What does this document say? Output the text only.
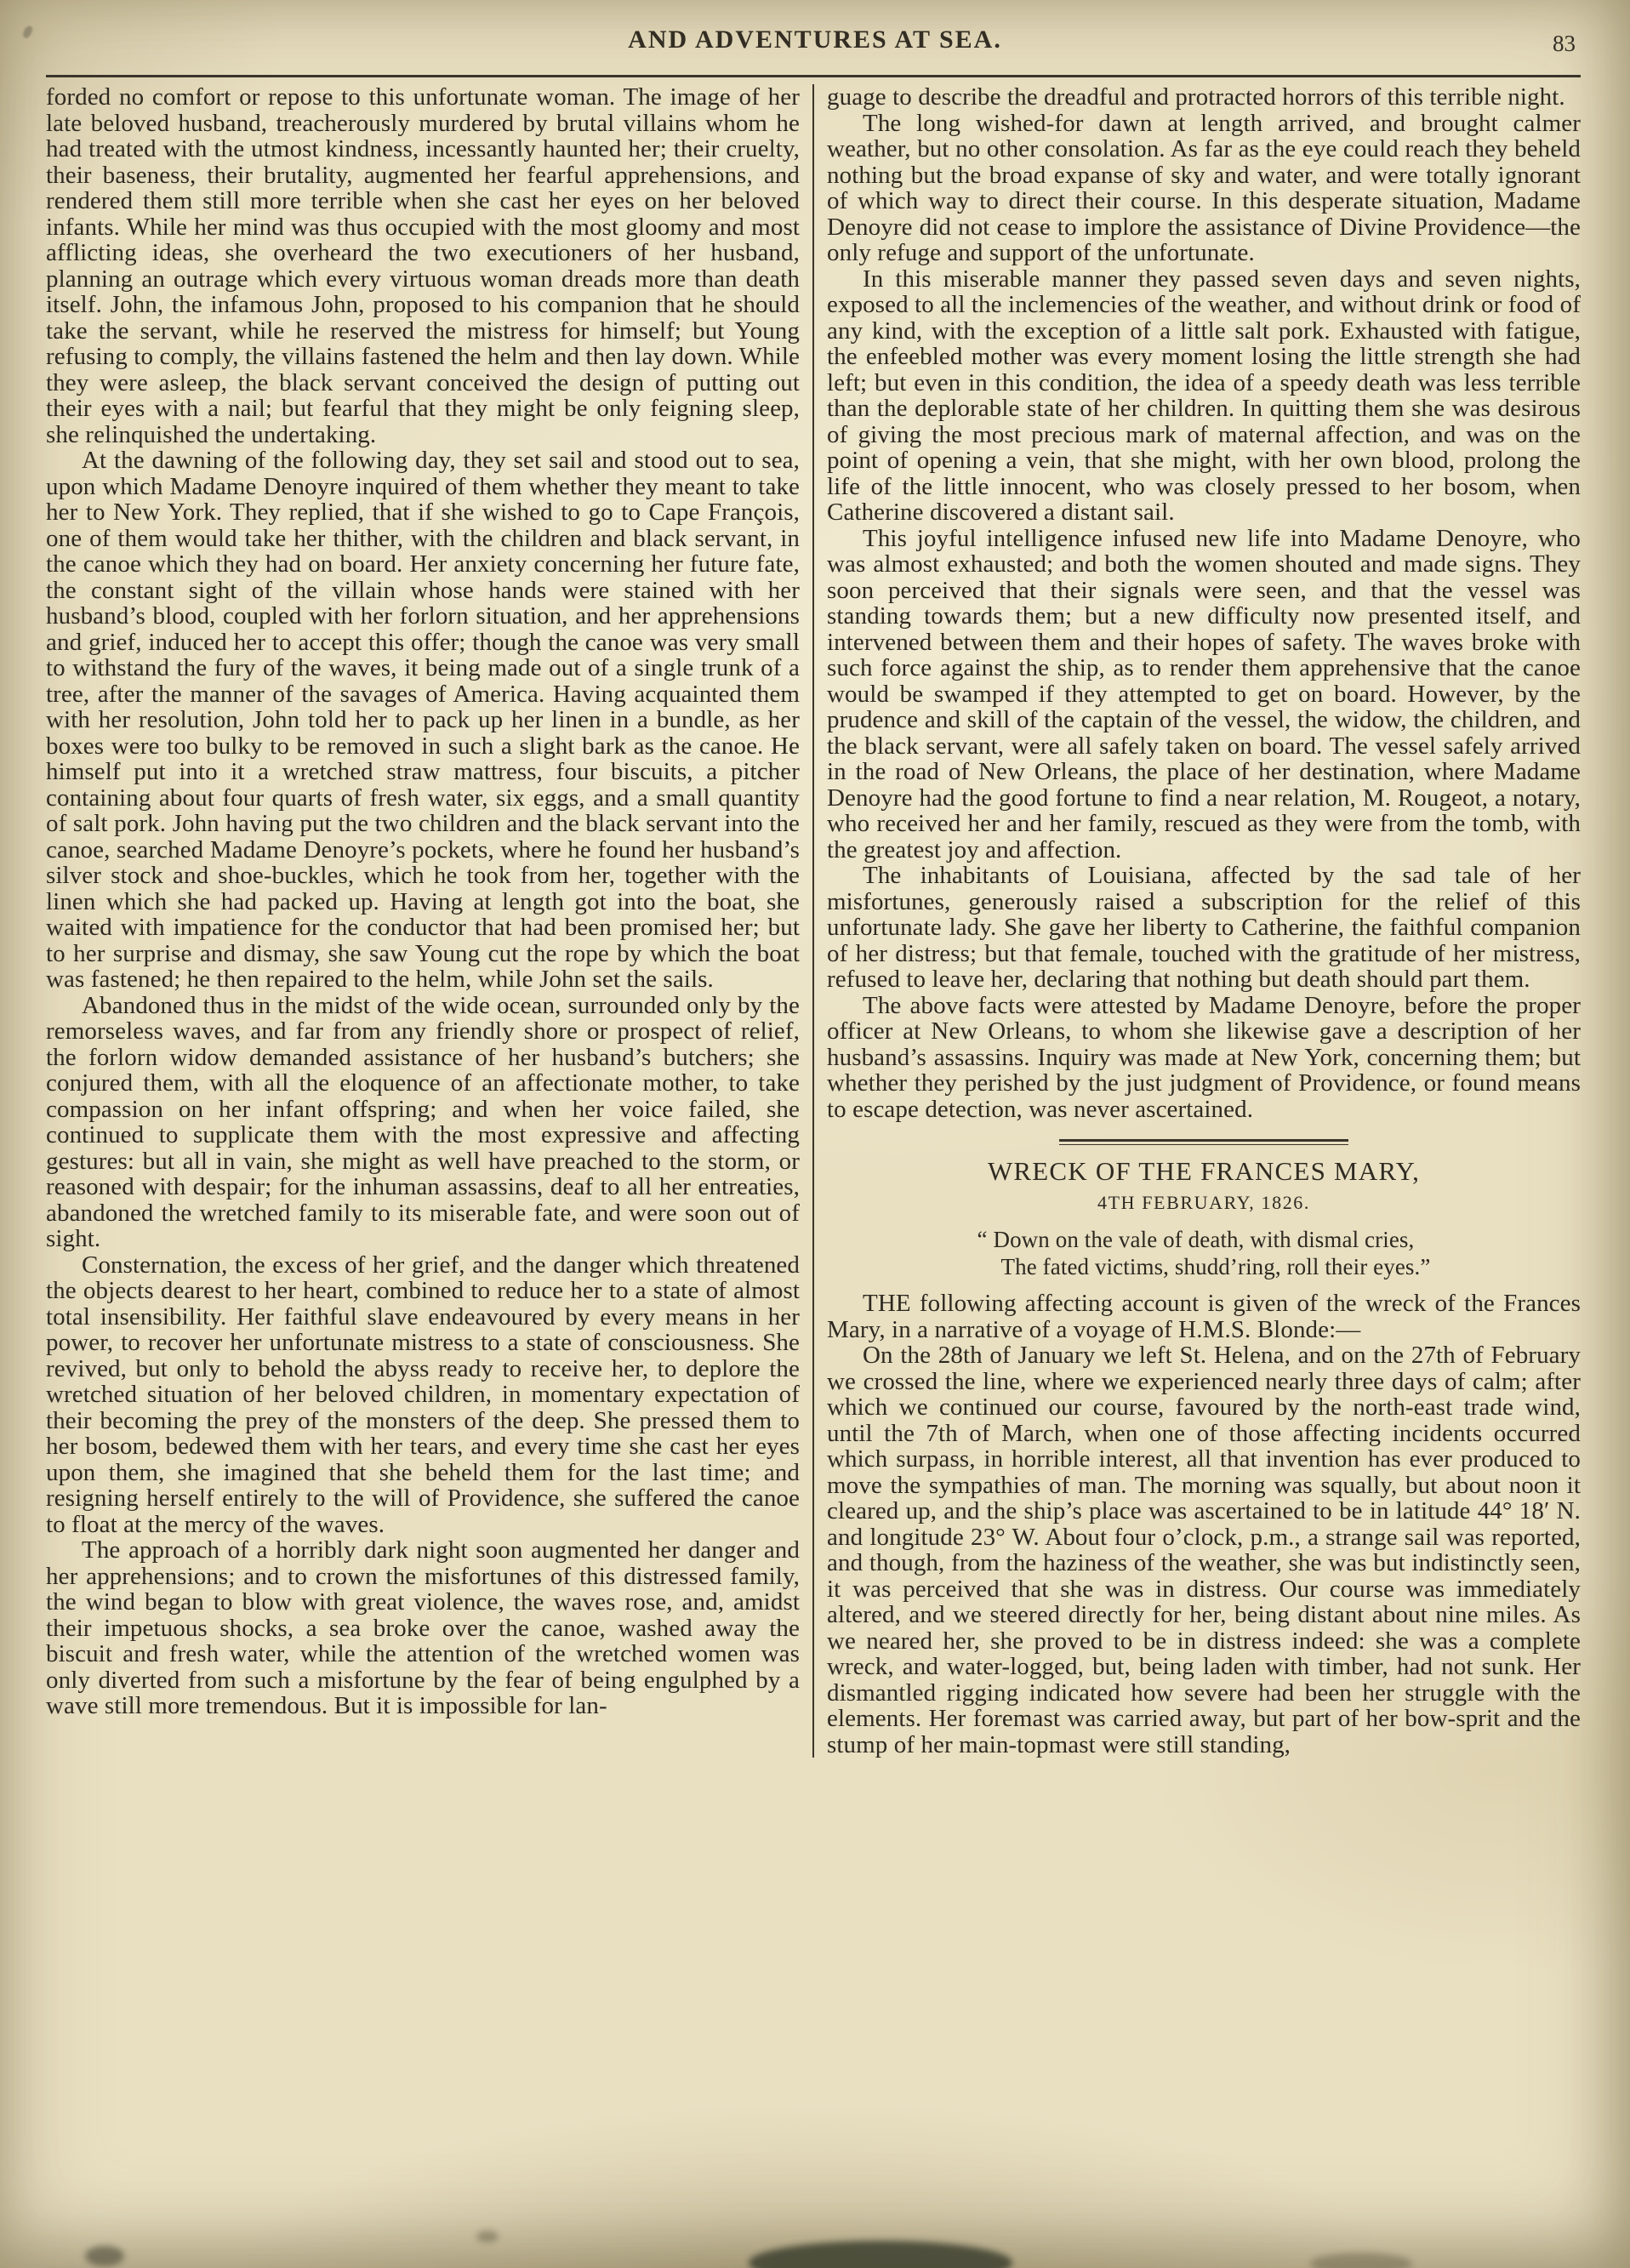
AND ADVENTURES AT SEA.	83

forded no comfort or repose to this unfortunate woman. The image of her late beloved husband, treacherously murdered by brutal villains whom he had treated with the utmost kindness, incessantly haunted her; their cruelty, their baseness, their brutality, augmented her fearful apprehensions, and rendered them still more terrible when she cast her eyes on her beloved infants. While her mind was thus occupied with the most gloomy and most afflicting ideas, she overheard the two executioners of her husband, planning an outrage which every virtuous woman dreads more than death itself. John, the infamous John, proposed to his companion that he should take the servant, while he reserved the mistress for himself; but Young refusing to comply, the villains fastened the helm and then lay down. While they were asleep, the black servant conceived the design of putting out their eyes with a nail; but fearful that they might be only feigning sleep, she relinquished the undertaking.

At the dawning of the following day, they set sail and stood out to sea, upon which Madame Denoyre inquired of them whether they meant to take her to New York. They replied, that if she wished to go to Cape François, one of them would take her thither, with the children and black servant, in the canoe which they had on board. Her anxiety concerning her future fate, the constant sight of the villain whose hands were stained with her husband’s blood, coupled with her forlorn situation, and her apprehensions and grief, induced her to accept this offer; though the canoe was very small to withstand the fury of the waves, it being made out of a single trunk of a tree, after the manner of the savages of America. Having acquainted them with her resolution, John told her to pack up her linen in a bundle, as her boxes were too bulky to be removed in such a slight bark as the canoe. He himself put into it a wretched straw mattress, four biscuits, a pitcher containing about four quarts of fresh water, six eggs, and a small quantity of salt pork. John having put the two children and the black servant into the canoe, searched Madame Denoyre’s pockets, where he found her husband’s silver stock and shoe-buckles, which he took from her, together with the linen which she had packed up. Having at length got into the boat, she waited with impatience for the conductor that had been promised her; but to her surprise and dismay, she saw Young cut the rope by which the boat was fastened; he then repaired to the helm, while John set the sails.

Abandoned thus in the midst of the wide ocean, surrounded only by the remorseless waves, and far from any friendly shore or prospect of relief, the forlorn widow demanded assistance of her husband’s butchers; she conjured them, with all the eloquence of an affectionate mother, to take compassion on her infant offspring; and when her voice failed, she continued to supplicate them with the most expressive and affecting gestures: but all in vain, she might as well have preached to the storm, or reasoned with despair; for the inhuman assassins, deaf to all her entreaties, abandoned the wretched family to its miserable fate, and were soon out of sight.

Consternation, the excess of her grief, and the danger which threatened the objects dearest to her heart, combined to reduce her to a state of almost total insensibility. Her faithful slave endeavoured by every means in her power, to recover her unfortunate mistress to a state of consciousness. She revived, but only to behold the abyss ready to receive her, to deplore the wretched situation of her beloved children, in momentary expectation of their becoming the prey of the monsters of the deep. She pressed them to her bosom, bedewed them with her tears, and every time she cast her eyes upon them, she imagined that she beheld them for the last time; and resigning herself entirely to the will of Providence, she suffered the canoe to float at the mercy of the waves.

The approach of a horribly dark night soon augmented her danger and her apprehensions; and to crown the misfortunes of this distressed family, the wind began to blow with great violence, the waves rose, and, amidst their impetuous shocks, a sea broke over the canoe, washed away the biscuit and fresh water, while the attention of the wretched women was only diverted from such a misfortune by the fear of being engulphed by a wave still more tremendous. But it is impossible for lan-

guage to describe the dreadful and protracted horrors of this terrible night.

The long wished-for dawn at length arrived, and brought calmer weather, but no other consolation. As far as the eye could reach they beheld nothing but the broad expanse of sky and water, and were totally ignorant of which way to direct their course. In this desperate situation, Madame Denoyre did not cease to implore the assistance of Divine Providence—the only refuge and support of the unfortunate.

In this miserable manner they passed seven days and seven nights, exposed to all the inclemencies of the weather, and without drink or food of any kind, with the exception of a little salt pork. Exhausted with fatigue, the enfeebled mother was every moment losing the little strength she had left; but even in this condition, the idea of a speedy death was less terrible than the deplorable state of her children. In quitting them she was desirous of giving the most precious mark of maternal affection, and was on the point of opening a vein, that she might, with her own blood, prolong the life of the little innocent, who was closely pressed to her bosom, when Catherine discovered a distant sail.

This joyful intelligence infused new life into Madame Denoyre, who was almost exhausted; and both the women shouted and made signs. They soon perceived that their signals were seen, and that the vessel was standing towards them; but a new difficulty now presented itself, and intervened between them and their hopes of safety. The waves broke with such force against the ship, as to render them apprehensive that the canoe would be swamped if they attempted to get on board. However, by the prudence and skill of the captain of the vessel, the widow, the children, and the black servant, were all safely taken on board. The vessel safely arrived in the road of New Orleans, the place of her destination, where Madame Denoyre had the good fortune to find a near relation, M. Rougeot, a notary, who received her and her family, rescued as they were from the tomb, with the greatest joy and affection.

The inhabitants of Louisiana, affected by the sad tale of her misfortunes, generously raised a subscription for the relief of this unfortunate lady. She gave her liberty to Catherine, the faithful companion of her distress; but that female, touched with the gratitude of her mistress, refused to leave her, declaring that nothing but death should part them.

The above facts were attested by Madame Denoyre, before the proper officer at New Orleans, to whom she likewise gave a description of her husband’s assassins. Inquiry was made at New York, concerning them; but whether they perished by the just judgment of Providence, or found means to escape detection, was never ascertained.

WRECK OF THE FRANCES MARY,
4TH FEBRUARY, 1826.
“ Down on the vale of death, with dismal cries,
The fated victims, shudd’ring, roll their eyes.”

THE following affecting account is given of the wreck of the Frances Mary, in a narrative of a voyage of H.M.S. Blonde:—

On the 28th of January we left St. Helena, and on the 27th of February we crossed the line, where we experienced nearly three days of calm; after which we continued our course, favoured by the north-east trade wind, until the 7th of March, when one of those affecting incidents occurred which surpass, in horrible interest, all that invention has ever produced to move the sympathies of man. The morning was squally, but about noon it cleared up, and the ship’s place was ascertained to be in latitude 44° 18′ N. and longitude 23° W. About four o’clock, p.m., a strange sail was reported, and though, from the haziness of the weather, she was but indistinctly seen, it was perceived that she was in distress. Our course was immediately altered, and we steered directly for her, being distant about nine miles. As we neared her, she proved to be in distress indeed: she was a complete wreck, and water-logged, but, being laden with timber, had not sunk. Her dismantled rigging indicated how severe had been her struggle with the elements. Her foremast was carried away, but part of her bow-sprit and the stump of her main-topmast were still standing,
